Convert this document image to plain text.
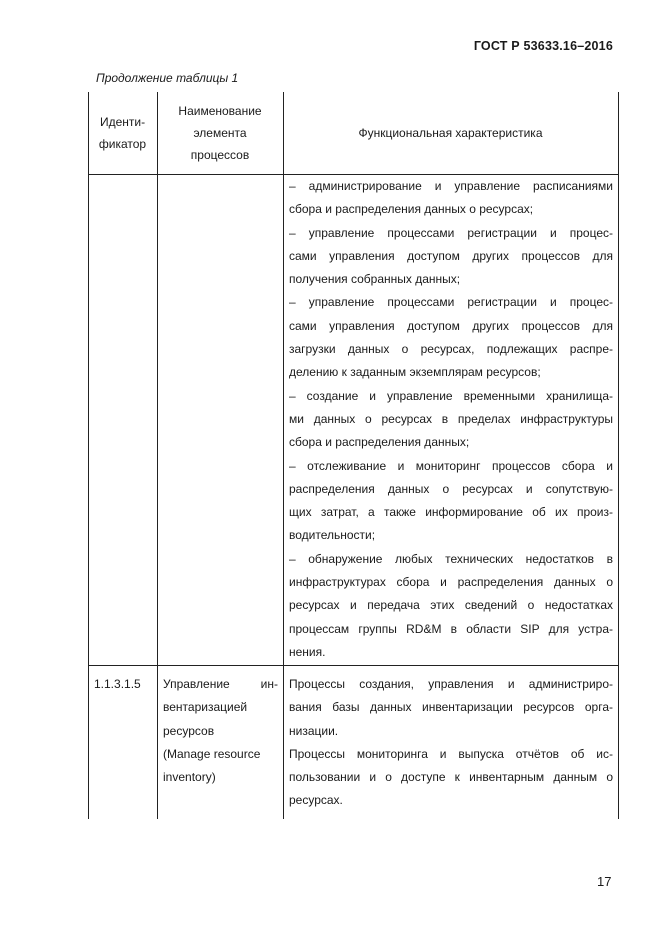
ГОСТ Р 53633.16–2016
Продолжение таблицы 1
Иденти-
фикатор
Наименование
элемента
процессов
Функциональная характеристика
– администрирование и управление расписаниями
сбора и распределения данных о ресурсах;
– управление процессами регистрации и процес-
сами управления доступом других процессов для
получения собранных данных;
– управление процессами регистрации и процес-
сами управления доступом других процессов для
загрузки данных о ресурсах, подлежащих распре-
делению к заданным экземплярам ресурсов;
– создание и управление временными хранилища-
ми данных о ресурсах в пределах инфраструктуры
сбора и распределения данных;
– отслеживание и мониторинг процессов сбора и
распределения данных о ресурсах и сопутствую-
щих затрат, а также информирование об их произ-
водительности;
– обнаружение любых технических недостатков в
инфраструктурах сбора и распределения данных о
ресурсах и передача этих сведений о недостатках
процессам группы RD&M в области SIP для устра-
нения.
1.1.3.1.5	Управление ин-
вентаризацией
ресурсов
(Manage resource
inventory)
Процессы создания, управления и администриро-
вания базы данных инвентаризации ресурсов орга-
низации.
Процессы мониторинга и выпуска отчётов об ис-
пользовании и о доступе к инвентарным данным о
ресурсах.
17
